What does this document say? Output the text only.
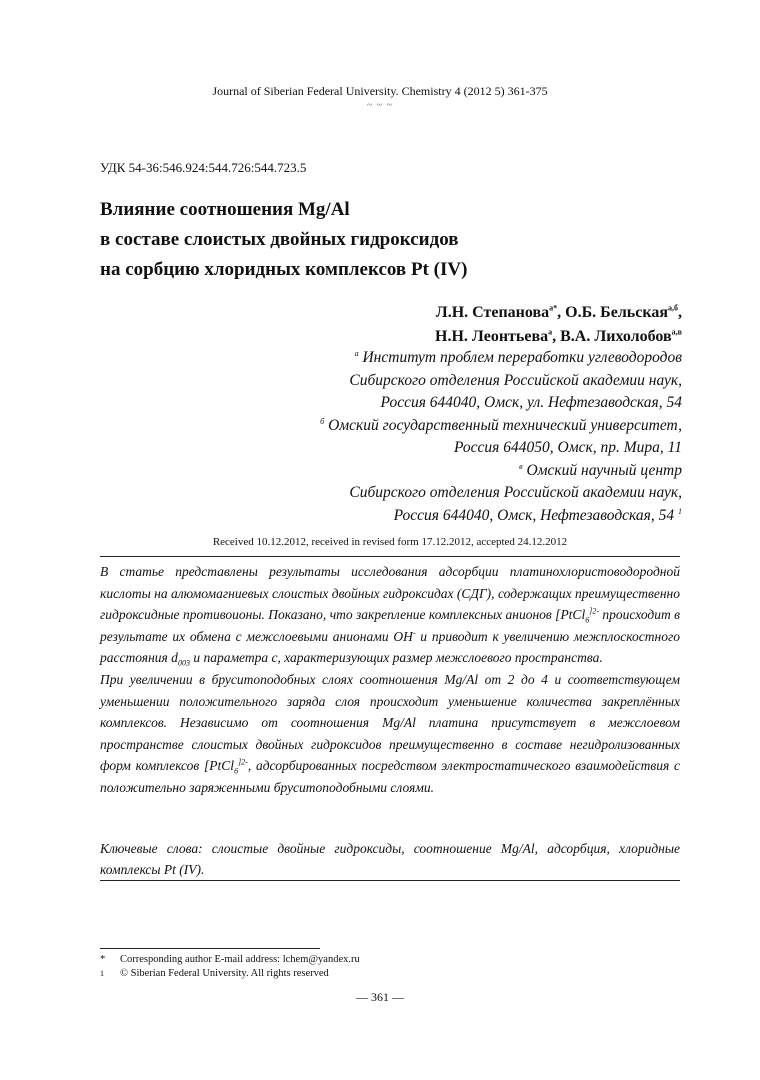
Journal of Siberian Federal University. Chemistry 4 (2012 5) 361-375
~ ~ ~
УДК 54-36:546.924:544.726:544.723.5
Влияние соотношения Mg/Al
в составе слоистых двойных гидроксидов
на сорбцию хлоридных комплексов Pt (IV)
Л.Н. Степанова$^{а*}$, О.Б. Бельская$^{а,б}$,
Н.Н. Леонтьева$^а$, В.А. Лихолобов$^{а,в}$
$^а$ Институт проблем переработки углеводородов
Сибирского отделения Российской академии наук,
Россия 644040, Омск, ул. Нефтезаводская, 54
$^б$ Омский государственный технический университет,
Россия 644050, Омск, пр. Мира, 11
$^в$ Омский научный центр
Сибирского отделения Российской академии наук,
Россия 644040, Омск, Нефтезаводская, 54 $^1$
Received 10.12.2012, received in revised form 17.12.2012, accepted 24.12.2012

В статье представлены результаты исследования адсорбции платинохлористоводородной кислоты на алюмомагниевых слоистых двойных гидроксидах (СДГ), содержащих преимущественно гидроксидные противоионы. Показано, что закрепление комплексных анионов [PtCl$_6^{]2-}$ происходит в результате их обмена с межслоевыми анионами OH- и приводит к увеличению межплоскостного расстояния $d_{003}$ и параметра c, характеризующих размер межслоевого пространства.

При увеличении в бруситоподобных слоях соотношения Mg/Al от 2 до 4 и соответствующем уменьшении положительного заряда слоя происходит уменьшение количества закреплённых комплексов. Независимо от соотношения Mg/Al платина присутствует в межслоевом пространстве слоистых двойных гидроксидов преимущественно в составе негидролизованных форм комплексов [PtCl$_6^{]2-}$, адсорбированных посредством электростатического взаимодействия с положительно заряженными бруситоподобными слоями.

Ключевые слова: слоистые двойные гидроксиды, соотношение Mg/Al, адсорбция, хлоридные комплексы Pt (IV).
*	Corresponding author E-mail address: lchem@yandex.ru
1	© Siberian Federal University. All rights reserved
— 361 —
